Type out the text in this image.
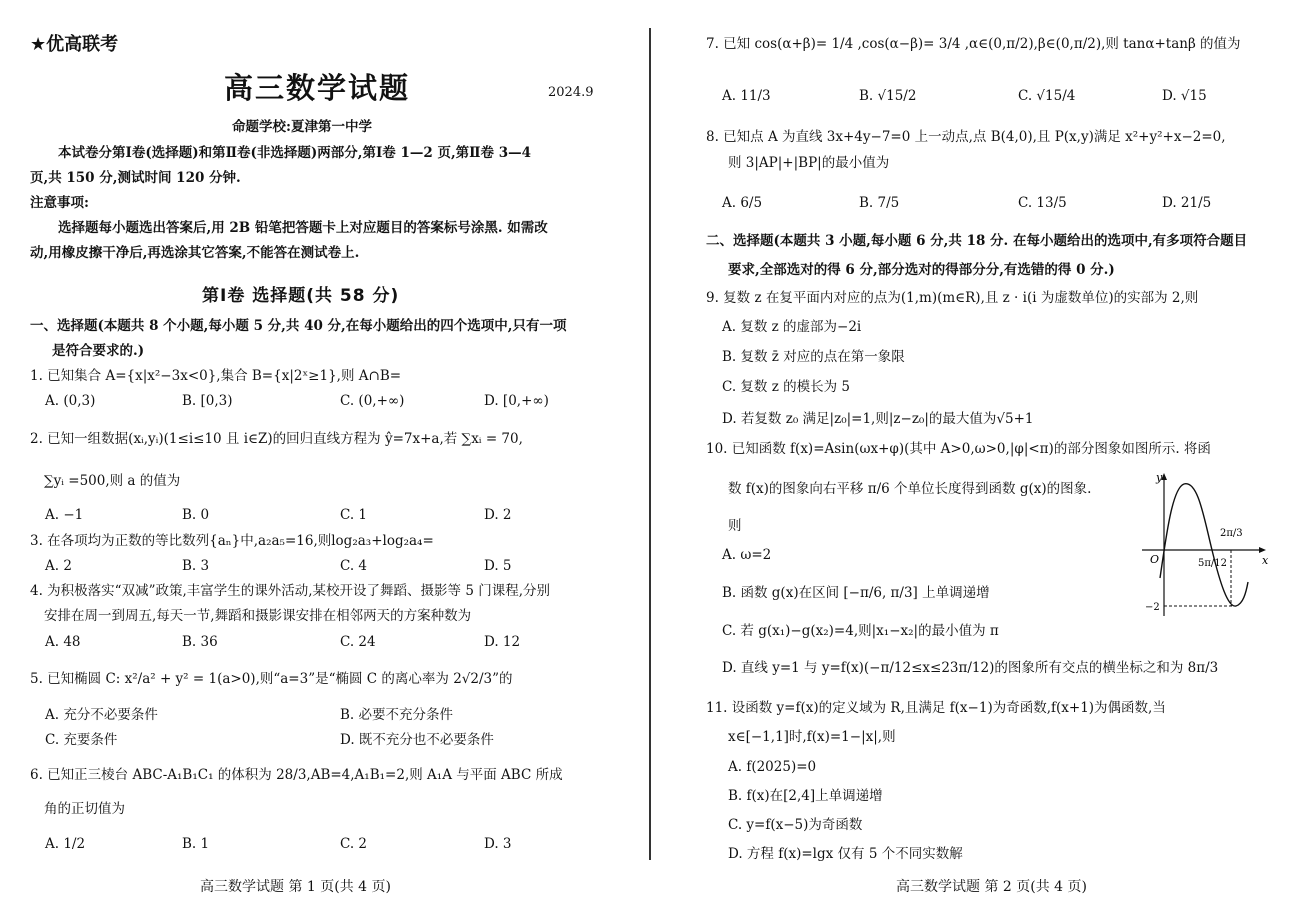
★优高联考
高三数学试题	2024.9
命题学校:夏津第一中学
本试卷分第Ⅰ卷(选择题)和第Ⅱ卷(非选择题)两部分,第Ⅰ卷 1—2 页,第Ⅱ卷 3—4
页,共 150 分,测试时间 120 分钟.
注意事项:
选择题每小题选出答案后,用 2B 铅笔把答题卡上对应题目的答案标号涂黑. 如需改
动,用橡皮擦干净后,再选涂其它答案,不能答在测试卷上.
第Ⅰ卷 选择题(共 58 分)
一、选择题(本题共 8 个小题,每小题 5 分,共 40 分,在每小题给出的四个选项中,只有一项
是符合要求的.)
1. 已知集合 A={x|x²−3x<0},集合 B={x|2ˣ≥1},则 A∩B=
A. (0,3)	B. [0,3)	C. (0,+∞)	D. [0,+∞)
2. 已知一组数据(xᵢ,yᵢ)(1≤i≤10 且 i∈Z)的回归直线方程为 ŷ=7x+a,若 ∑xᵢ = 70,
∑yᵢ =500,则 a 的值为
A. −1	B. 0	C. 1	D. 2
3. 在各项均为正数的等比数列{aₙ}中,a₂a₅=16,则log₂a₃+log₂a₄=
A. 2	B. 3	C. 4	D. 5
4. 为积极落实“双减”政策,丰富学生的课外活动,某校开设了舞蹈、摄影等 5 门课程,分别
安排在周一到周五,每天一节,舞蹈和摄影课安排在相邻两天的方案种数为
A. 48	B. 36	C. 24	D. 12
5. 已知椭圆 C: x²/a² + y² = 1(a>0),则“a=3”是“椭圆 C 的离心率为 2√2/3”的
A. 充分不必要条件	B. 必要不充分条件
C. 充要条件	D. 既不充分也不必要条件
6. 已知正三棱台 ABC-A₁B₁C₁ 的体积为 28/3,AB=4,A₁B₁=2,则 A₁A 与平面 ABC 所成
角的正切值为
A. 1/2	B. 1	C. 2	D. 3
高三数学试题 第 1 页(共 4 页)
7. 已知 cos(α+β)= 1/4 ,cos(α−β)= 3/4 ,α∈(0,π/2),β∈(0,π/2),则 tanα+tanβ 的值为
A. 11/3	B. √15/2	C. √15/4	D. √15
8. 已知点 A 为直线 3x+4y−7=0 上一动点,点 B(4,0),且 P(x,y)满足 x²+y²+x−2=0,
则 3|AP|+|BP|的最小值为
A. 6/5	B. 7/5	C. 13/5	D. 21/5
二、选择题(本题共 3 小题,每小题 6 分,共 18 分. 在每小题给出的选项中,有多项符合题目
要求,全部选对的得 6 分,部分选对的得部分分,有选错的得 0 分.)
9. 复数 z 在复平面内对应的点为(1,m)(m∈R),且 z · i(i 为虚数单位)的实部为 2,则
A. 复数 z 的虚部为−2i
B. 复数 z̄ 对应的点在第一象限
C. 复数 z 的模长为 5
D. 若复数 z₀ 满足|z₀|=1,则|z−z₀|的最大值为√5+1
10. 已知函数 f(x)=Asin(ωx+φ)(其中 A>0,ω>0,|φ|<π)的部分图象如图所示. 将函
数 f(x)的图象向右平移 π/6 个单位长度得到函数 g(x)的图象.
则
A. ω=2
B. 函数 g(x)在区间 [−π/6, π/3] 上单调递增
C. 若 g(x₁)−g(x₂)=4,则|x₁−x₂|的最小值为 π
D. 直线 y=1 与 y=f(x)(−π/12≤x≤23π/12)的图象所有交点的横坐标之和为 8π/3
y
x
O	5π/12
2π/3
−2
11. 设函数 y=f(x)的定义域为 R,且满足 f(x−1)为奇函数,f(x+1)为偶函数,当
x∈[−1,1]时,f(x)=1−|x|,则
A. f(2025)=0
B. f(x)在[2,4]上单调递增
C. y=f(x−5)为奇函数
D. 方程 f(x)=lgx 仅有 5 个不同实数解
高三数学试题 第 2 页(共 4 页)
